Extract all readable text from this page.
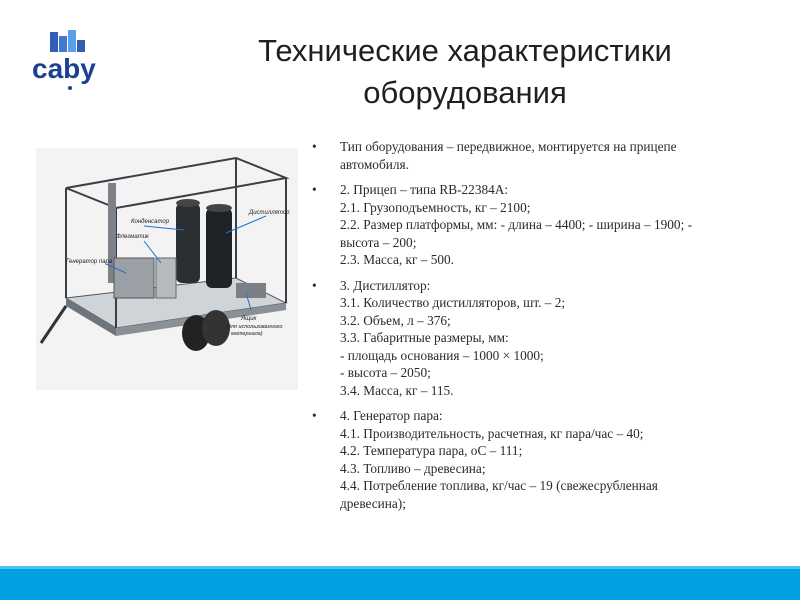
caby
Технические характеристики
оборудования
Конденсатор
Дистиллятор
Флегматик
Генератор пара
Ящик
(для использованного
материала)
• Тип оборудования – передвижное, монтируется на прицепе
автомобиля.
• 2. Прицеп – типа RB-22384A:
2.1. Грузоподъемность, кг – 2100;
2.2. Размер платформы, мм: - длина – 4400; - ширина – 1900; -
высота – 200;
2.3. Масса, кг – 500.
• 3. Дистиллятор:
3.1. Количество дистилляторов, шт. – 2;
3.2. Объем, л – 376;
3.3. Габаритные размеры, мм:
- площадь основания – 1000 × 1000;
- высота – 2050;
3.4. Масса, кг – 115.
• 4. Генератор пара:
4.1. Производительность, расчетная, кг пара/час – 40;
4.2. Температура пара, оС – 111;
4.3. Топливо – древесина;
4.4. Потребление топлива, кг/час – 19 (свежесрубленная
древесина);
